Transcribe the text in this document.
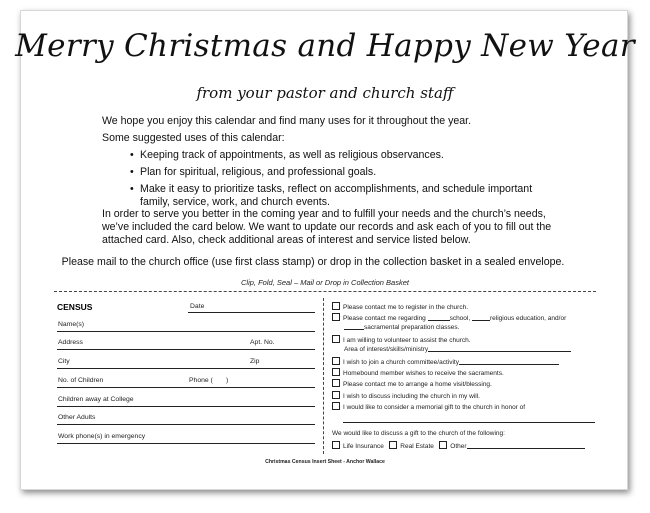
Merry Christmas and Happy New Year
from your pastor and church staff
We hope you enjoy this calendar and find many uses for it throughout the year.
Some suggested uses of this calendar:
• Keeping track of appointments, as well as religious observances.
• Plan for spiritual, religious, and professional goals.
• Make it easy to prioritize tasks, reflect on accomplishments, and schedule important family, service, work, and church events.
In order to serve you better in the coming year and to fulfill your needs and the church’s needs, we’ve included the card below. We want to update our records and ask each of you to fill out the attached card. Also, check additional areas of interest and service listed below.
Please mail to the church office (use first class stamp) or drop in the collection basket in a sealed envelope.
Clip, Fold, Seal – Mail or Drop in Collection Basket
CENSUS	Date
Name(s)
Address	Apt. No.
City	Zip
No. of Children	Phone (       )
Children away at College
Other Adults
Work phone(s) in emergency
Please contact me to register in the church.
Please contact me regarding	school,	religious education, and/or
sacramental preparation classes.
I am willing to volunteer to assist the church.
Area of interest/skills/ministry
I wish to join a church committee/activity
Homebound member wishes to receive the sacraments.
Please contact me to arrange a home visit/blessing.
I wish to discuss including the church in my will.
I would like to consider a memorial gift to the church in honor of
We would like to discuss a gift to the church of the following:
Life Insurance	Real Estate	Other
Christmas Census Insert Sheet - Anchor Wallace
